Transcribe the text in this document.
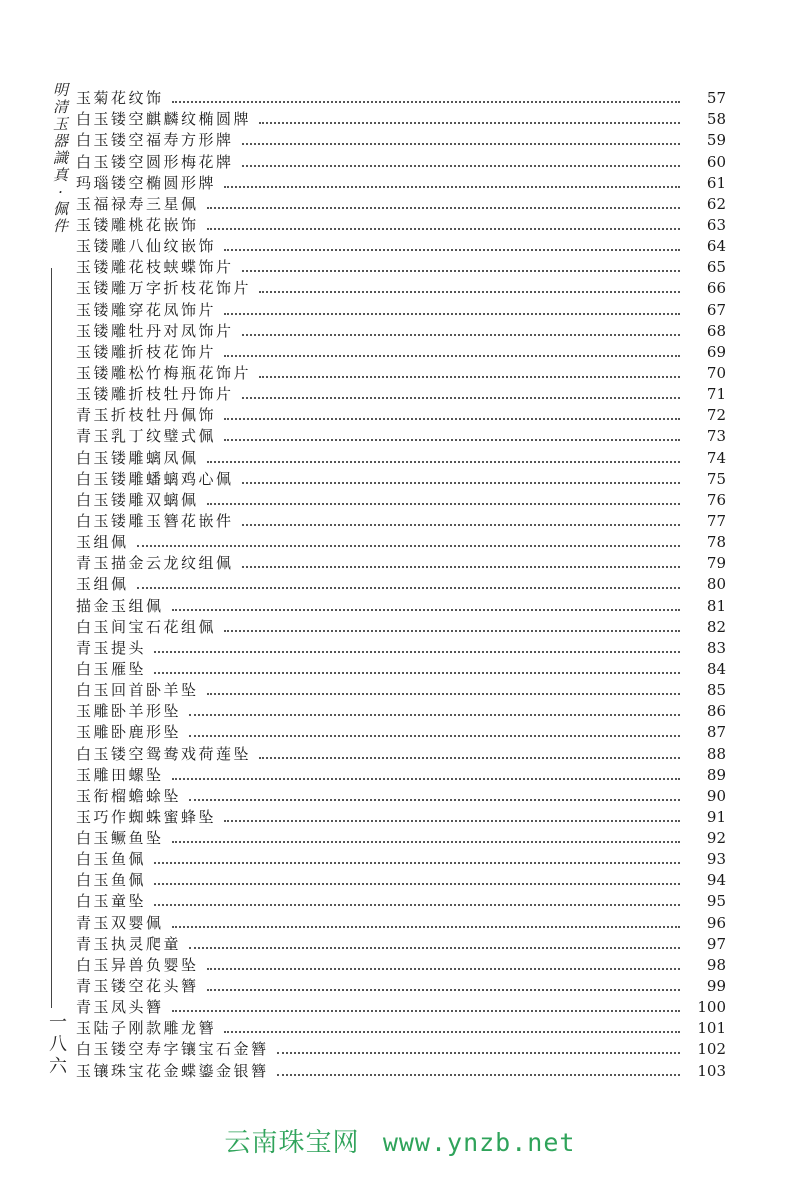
明
清
玉
器
識
真
·
佩
件
一
八
六
玉菊花纹饰	57
白玉镂空麒麟纹椭圆牌	58
白玉镂空福寿方形牌	59
白玉镂空圆形梅花牌	60
玛瑙镂空椭圆形牌	61
玉福禄寿三星佩	62
玉镂雕桃花嵌饰	63
玉镂雕八仙纹嵌饰	64
玉镂雕花枝蛱蝶饰片	65
玉镂雕万字折枝花饰片	66
玉镂雕穿花凤饰片	67
玉镂雕牡丹对凤饰片	68
玉镂雕折枝花饰片	69
玉镂雕松竹梅瓶花饰片	70
玉镂雕折枝牡丹饰片	71
青玉折枝牡丹佩饰	72
青玉乳丁纹璧式佩	73
白玉镂雕螭凤佩	74
白玉镂雕蟠螭鸡心佩	75
白玉镂雕双螭佩	76
白玉镂雕玉簪花嵌件	77
玉组佩	78
青玉描金云龙纹组佩	79
玉组佩	80
描金玉组佩	81
白玉间宝石花组佩	82
青玉提头	83
白玉雁坠	84
白玉回首卧羊坠	85
玉雕卧羊形坠	86
玉雕卧鹿形坠	87
白玉镂空鸳鸯戏荷莲坠	88
玉雕田螺坠	89
玉衔榴蟾蜍坠	90
玉巧作蜘蛛蜜蜂坠	91
白玉鳜鱼坠	92
白玉鱼佩	93
白玉鱼佩	94
白玉童坠	95
青玉双婴佩	96
青玉执灵爬童	97
白玉异兽负婴坠	98
青玉镂空花头簪	99
青玉凤头簪	100
玉陆子刚款雕龙簪	101
白玉镂空寿字镶宝石金簪	102
玉镶珠宝花金蝶鎏金银簪	103
云南珠宝网 www.ynzb.net
